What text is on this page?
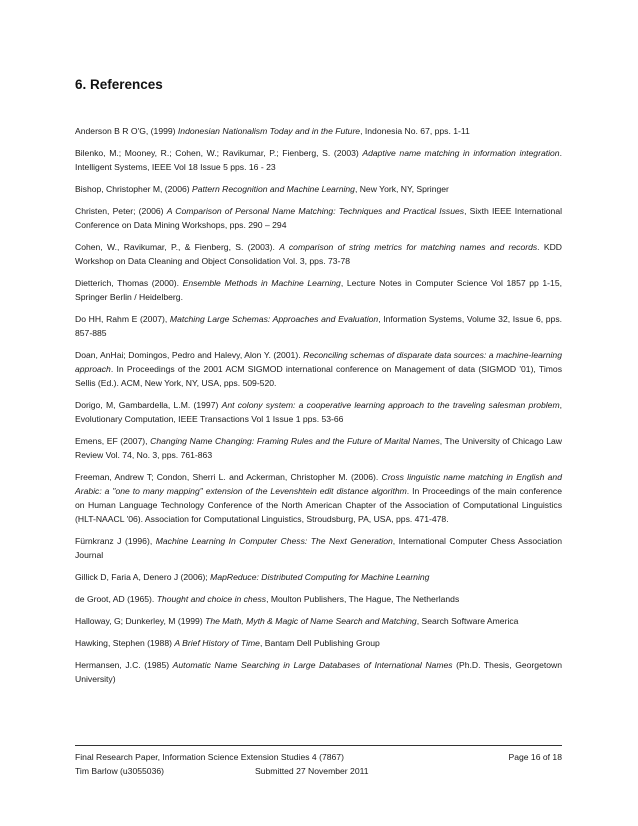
6. References

Anderson B R O'G, (1999) Indonesian Nationalism Today and in the Future, Indonesia No. 67, pps. 1-11

Bilenko, M.; Mooney, R.; Cohen, W.; Ravikumar, P.; Fienberg, S. (2003) Adaptive name matching in information integration. Intelligent Systems, IEEE Vol 18 Issue 5 pps. 16 - 23

Bishop, Christopher M, (2006) Pattern Recognition and Machine Learning, New York, NY, Springer

Christen, Peter; (2006) A Comparison of Personal Name Matching: Techniques and Practical Issues, Sixth IEEE International Conference on Data Mining Workshops, pps. 290 – 294

Cohen, W., Ravikumar, P., & Fienberg, S. (2003). A comparison of string metrics for matching names and records. KDD Workshop on Data Cleaning and Object Consolidation Vol. 3, pps. 73-78

Dietterich, Thomas (2000). Ensemble Methods in Machine Learning, Lecture Notes in Computer Science Vol 1857 pp 1-15, Springer Berlin / Heidelberg.

Do HH, Rahm E (2007), Matching Large Schemas: Approaches and Evaluation, Information Systems, Volume 32, Issue 6, pps. 857-885

Doan, AnHai; Domingos, Pedro and Halevy, Alon Y. (2001). Reconciling schemas of disparate data sources: a machine-learning approach. In Proceedings of the 2001 ACM SIGMOD international conference on Management of data (SIGMOD '01), Timos Sellis (Ed.). ACM, New York, NY, USA, pps. 509-520.

Dorigo, M, Gambardella, L.M. (1997) Ant colony system: a cooperative learning approach to the traveling salesman problem, Evolutionary Computation, IEEE Transactions Vol 1 Issue 1 pps. 53-66

Emens, EF (2007), Changing Name Changing: Framing Rules and the Future of Marital Names, The University of Chicago Law Review Vol. 74, No. 3, pps. 761-863

Freeman, Andrew T; Condon, Sherri L. and Ackerman, Christopher M. (2006). Cross linguistic name matching in English and Arabic: a "one to many mapping" extension of the Levenshtein edit distance algorithm. In Proceedings of the main conference on Human Language Technology Conference of the North American Chapter of the Association of Computational Linguistics (HLT-NAACL '06). Association for Computational Linguistics, Stroudsburg, PA, USA, pps. 471-478.

Fürnkranz J (1996), Machine Learning In Computer Chess: The Next Generation, International Computer Chess Association Journal

Gillick D, Faria A, Denero J (2006); MapReduce: Distributed Computing for Machine Learning

de Groot, AD (1965). Thought and choice in chess, Moulton Publishers, The Hague, The Netherlands

Halloway, G; Dunkerley, M (1999) The Math, Myth & Magic of Name Search and Matching, Search Software America

Hawking, Stephen (1988) A Brief History of Time, Bantam Dell Publishing Group

Hermansen, J.C. (1985) Automatic Name Searching in Large Databases of International Names (Ph.D. Thesis, Georgetown University)

Final Research Paper, Information Science Extension Studies 4 (7867)	Page 16 of 18
Tim Barlow (u3055036)	Submitted 27 November 2011
